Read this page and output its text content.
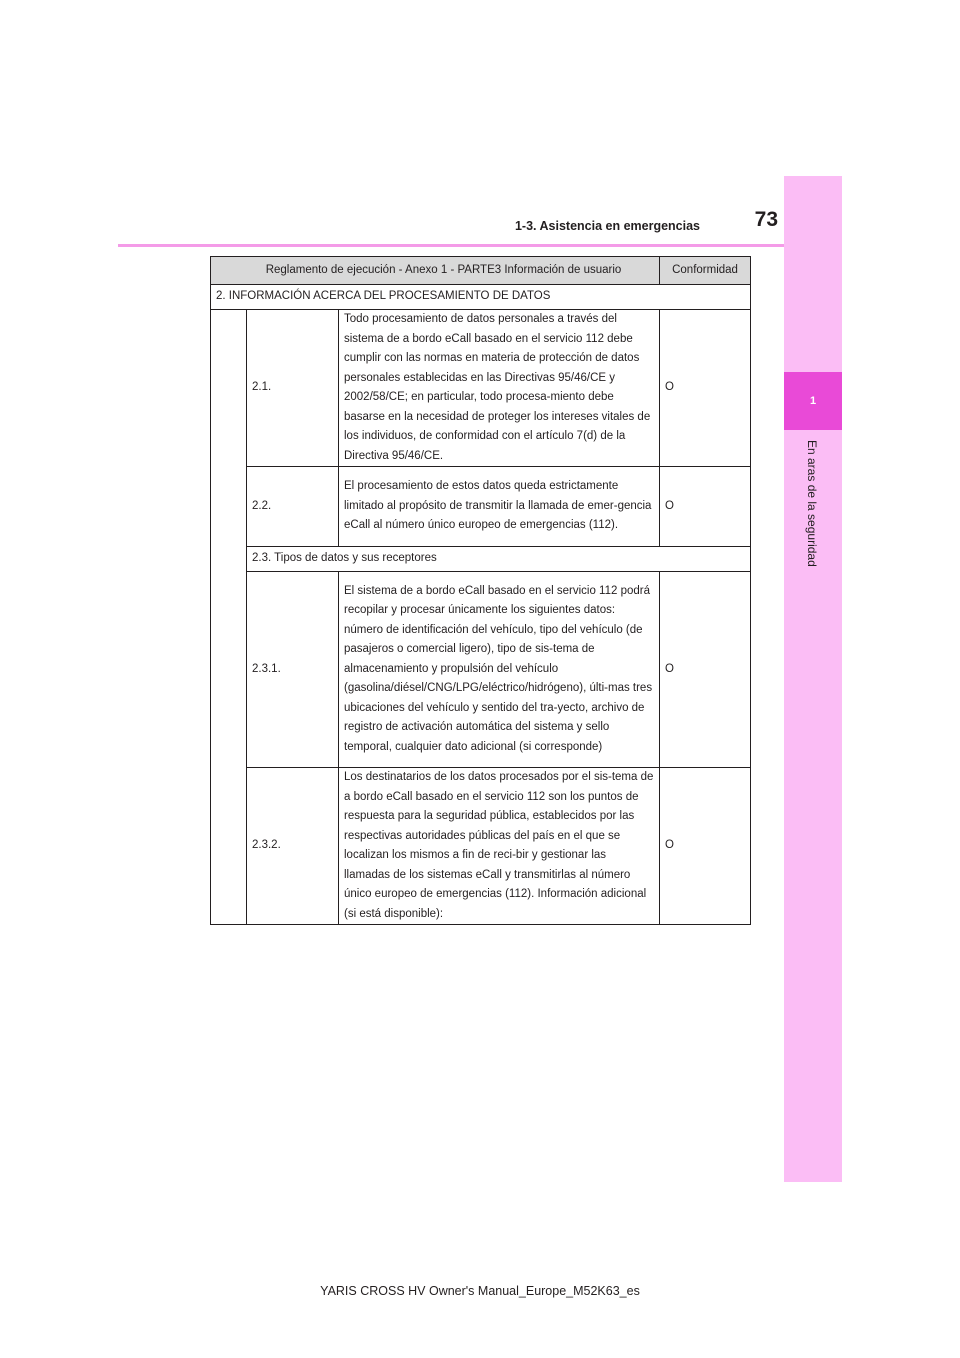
1
En aras de la seguridad
73
1-3. Asistencia en emergencias
Reglamento de ejecución - Anexo 1 - PARTE3 Información de usuario			Conformidad
2. INFORMACIÓN ACERCA DEL PROCESAMIENTO DE DATOS			
	2.1.	Todo procesamiento de datos personales a través del sistema de a bordo eCall basado en el servicio 112 debe cumplir con las normas en materia de protección de datos personales establecidas en las Directivas 95/46/CE y 2002/58/CE; en particular, todo procesa-miento debe basarse en la necesidad de proteger los intereses vitales de los individuos, de conformidad con el artículo 7(d) de la Directiva 95/46/CE.	O
	2.2.	El procesamiento de estos datos queda estrictamente limitado al propósito de transmitir la llamada de emer-gencia eCall al número único europeo de emergencias (112).	O
	2.3. Tipos de datos y sus receptores		
	2.3.1.	El sistema de a bordo eCall basado en el servicio 112 podrá recopilar y procesar únicamente los siguientes datos: número de identificación del vehículo, tipo del vehículo (de pasajeros o comercial ligero), tipo de sis-tema de almacenamiento y propulsión del vehículo (gasolina/diésel/CNG/LPG/eléctrico/hidrógeno), últi-mas tres ubicaciones del vehículo y sentido del tra-yecto, archivo de registro de activación automática del sistema y sello temporal, cualquier dato adicional (si corresponde)	O
	2.3.2.	Los destinatarios de los datos procesados por el sis-tema de a bordo eCall basado en el servicio 112 son los puntos de respuesta para la seguridad pública, establecidos por las respectivas autoridades públicas del país en el que se localizan los mismos a fin de reci-bir y gestionar las llamadas de los sistemas eCall y transmitirlas al número único europeo de emergencias (112). Información adicional (si está disponible):	O
YARIS CROSS HV Owner's Manual_Europe_M52K63_es
